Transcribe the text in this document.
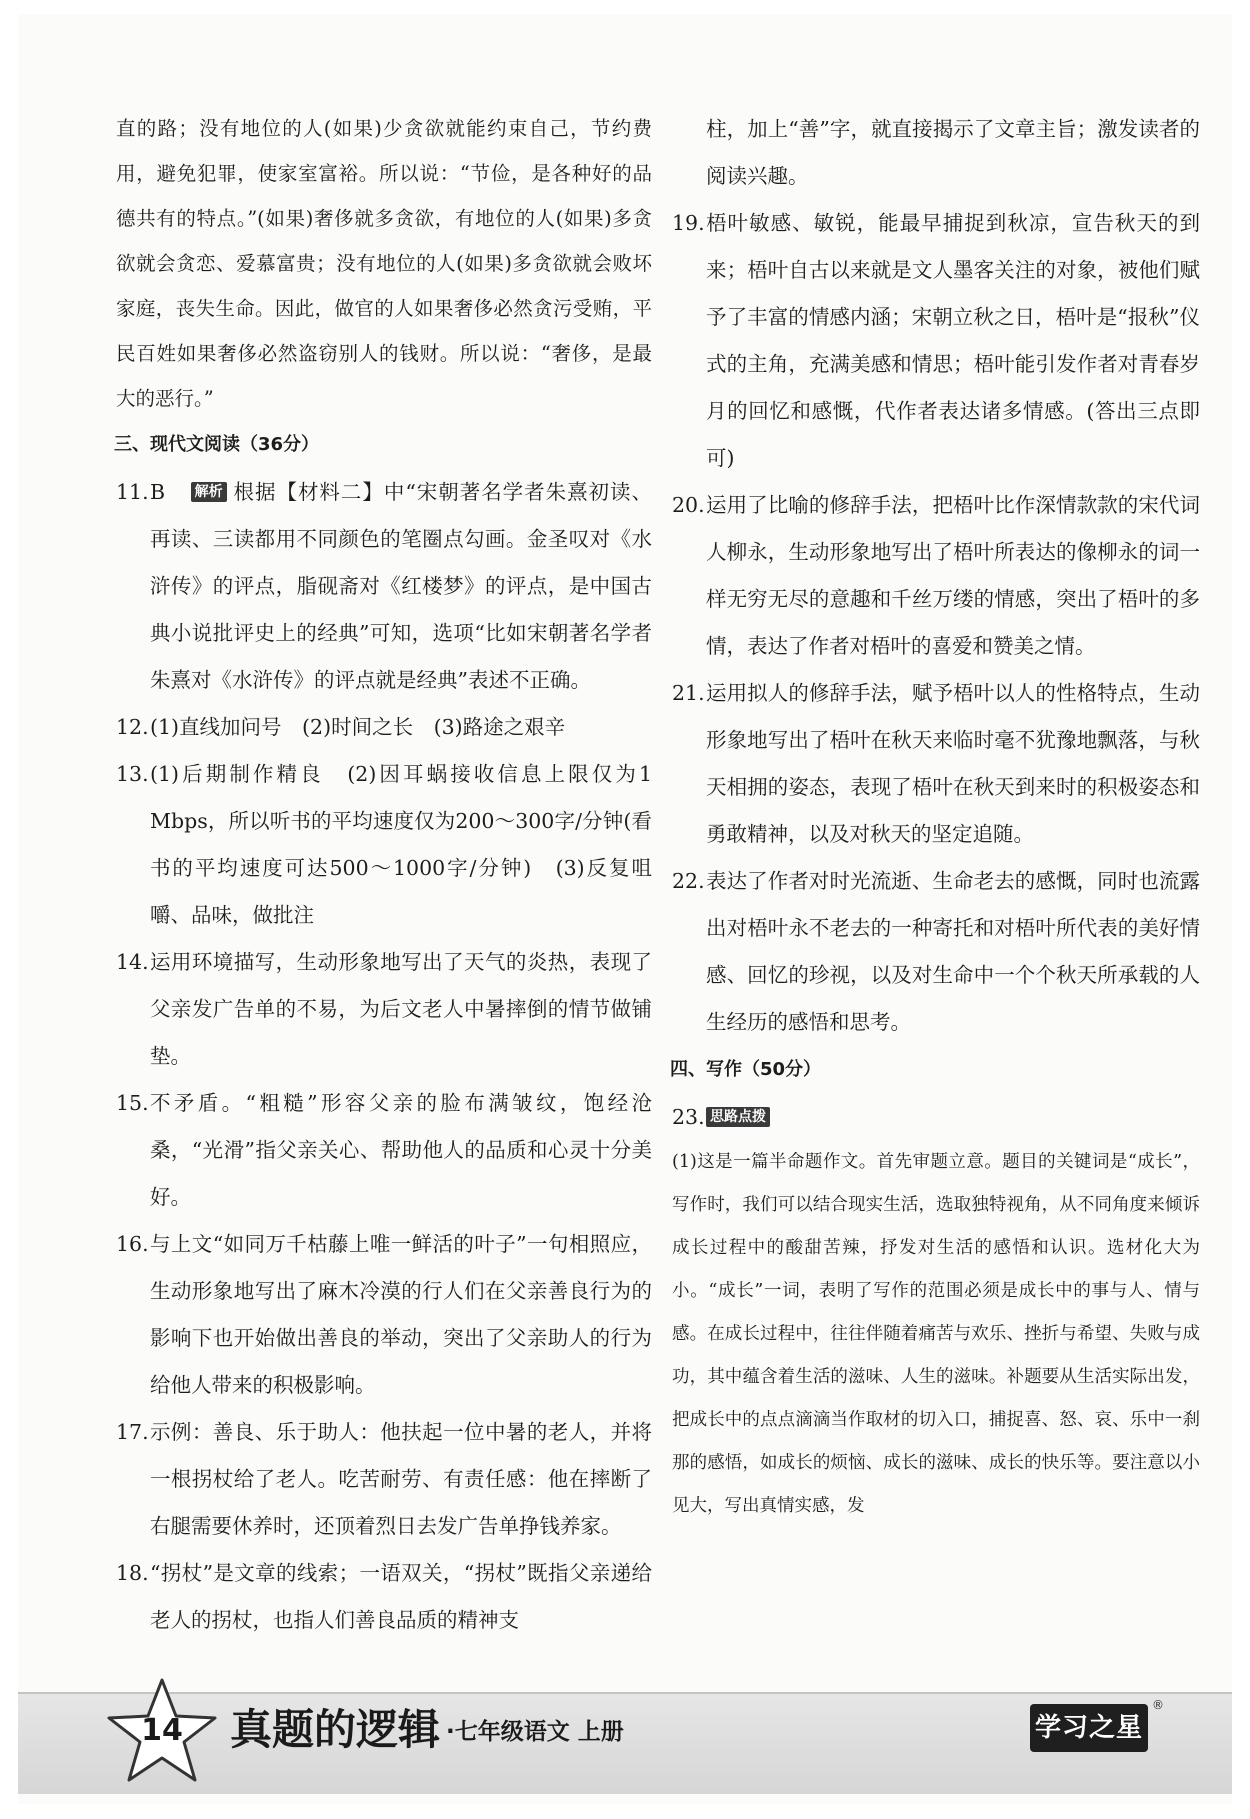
直的路；没有地位的人(如果)少贪欲就能约束自己，节约费用，避免犯罪，使家室富裕。所以说：“节俭，是各种好的品德共有的特点。”(如果)奢侈就多贪欲，有地位的人(如果)多贪欲就会贪恋、爱慕富贵；没有地位的人(如果)多贪欲就会败坏家庭，丧失生命。因此，做官的人如果奢侈必然贪污受贿，平民百姓如果奢侈必然盗窃别人的钱财。所以说：“奢侈，是最大的恶行。”

三、现代文阅读（36分）
11. B 解析 根据【材料二】中“宋朝著名学者朱熹初读、再读、三读都用不同颜色的笔圈点勾画。金圣叹对《水浒传》的评点，脂砚斋对《红楼梦》的评点，是中国古典小说批评史上的经典”可知，选项“比如宋朝著名学者朱熹对《水浒传》的评点就是经典”表述不正确。

12. (1)直线加问号　(2)时间之长　(3)路途之艰辛

13. (1)后期制作精良　(2)因耳蜗接收信息上限仅为1 Mbps，所以听书的平均速度仅为200～300字/分钟(看书的平均速度可达500～1000字/分钟)　(3)反复咀嚼、品味，做批注

14. 运用环境描写，生动形象地写出了天气的炎热，表现了父亲发广告单的不易，为后文老人中暑摔倒的情节做铺垫。

15. 不矛盾。“粗糙”形容父亲的脸布满皱纹，饱经沧桑，“光滑”指父亲关心、帮助他人的品质和心灵十分美好。

16. 与上文“如同万千枯藤上唯一鲜活的叶子”一句相照应，生动形象地写出了麻木冷漠的行人们在父亲善良行为的影响下也开始做出善良的举动，突出了父亲助人的行为给他人带来的积极影响。

17. 示例：善良、乐于助人：他扶起一位中暑的老人，并将一根拐杖给了老人。吃苦耐劳、有责任感：他在摔断了右腿需要休养时，还顶着烈日去发广告单挣钱养家。

18. “拐杖”是文章的线索；一语双关，“拐杖”既指父亲递给老人的拐杖，也指人们善良品质的精神支

柱，加上“善”字，就直接揭示了文章主旨；激发读者的阅读兴趣。

19. 梧叶敏感、敏锐，能最早捕捉到秋凉，宣告秋天的到来；梧叶自古以来就是文人墨客关注的对象，被他们赋予了丰富的情感内涵；宋朝立秋之日，梧叶是“报秋”仪式的主角，充满美感和情思；梧叶能引发作者对青春岁月的回忆和感慨，代作者表达诸多情感。(答出三点即可)

20. 运用了比喻的修辞手法，把梧叶比作深情款款的宋代词人柳永，生动形象地写出了梧叶所表达的像柳永的词一样无穷无尽的意趣和千丝万缕的情感，突出了梧叶的多情，表达了作者对梧叶的喜爱和赞美之情。

21. 运用拟人的修辞手法，赋予梧叶以人的性格特点，生动形象地写出了梧叶在秋天来临时毫不犹豫地飘落，与秋天相拥的姿态，表现了梧叶在秋天到来时的积极姿态和勇敢精神，以及对秋天的坚定追随。

22. 表达了作者对时光流逝、生命老去的感慨，同时也流露出对梧叶永不老去的一种寄托和对梧叶所代表的美好情感、回忆的珍视，以及对生命中一个个秋天所承载的人生经历的感悟和思考。

四、写作（50分）
23. 思路点拨

(1)这是一篇半命题作文。首先审题立意。题目的关键词是“成长”，写作时，我们可以结合现实生活，选取独特视角，从不同角度来倾诉成长过程中的酸甜苦辣，抒发对生活的感悟和认识。选材化大为小。“成长”一词，表明了写作的范围必须是成长中的事与人、情与感。在成长过程中，往往伴随着痛苦与欢乐、挫折与希望、失败与成功，其中蕴含着生活的滋味、人生的滋味。补题要从生活实际出发，把成长中的点点滴滴当作取材的切入口，捕捉喜、怒、哀、乐中一刹那的感悟，如成长的烦恼、成长的滋味、成长的快乐等。要注意以小见大，写出真情实感，发

14	真题的逻辑 ·七年级语文 上册	学习之星
®
